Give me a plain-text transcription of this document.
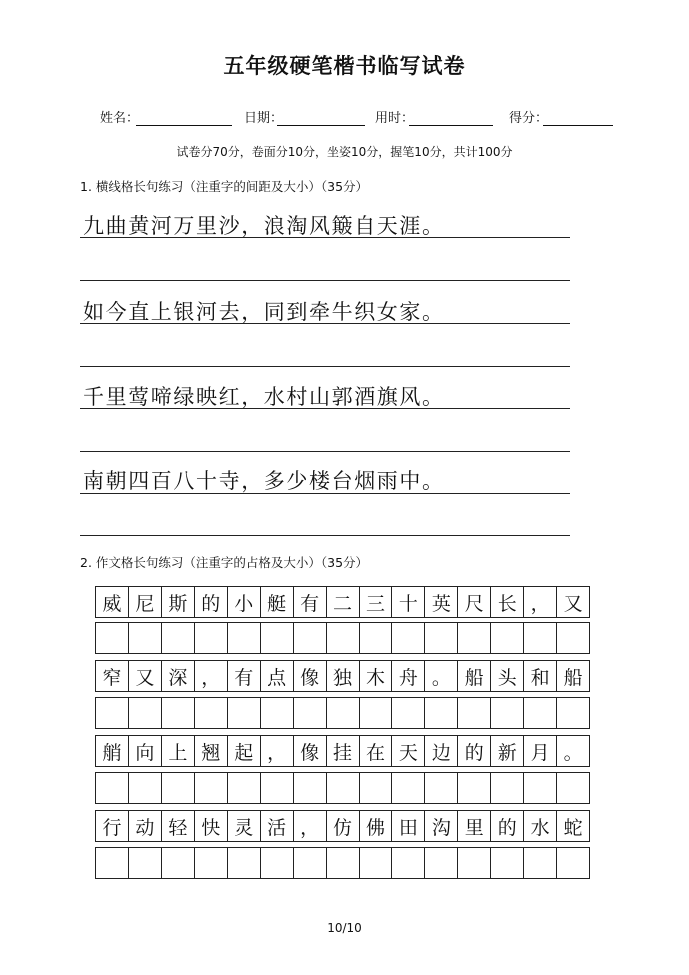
五年级硬笔楷书临写试卷
姓名：	日期：	用时：	得分：
试卷分70分，卷面分10分，坐姿10分，握笔10分，共计100分
1. 横线格长句练习（注重字的间距及大小）（35分）
九曲黄河万里沙，浪淘风簸自天涯。
如今直上银河去，同到牵牛织女家。
千里莺啼绿映红，水村山郭酒旗风。
南朝四百八十寺，多少楼台烟雨中。
2. 作文格长句练习（注重字的占格及大小）（35分）
威 尼 斯 的 小 艇 有 二 三 十 英 尺 长 ， 又
窄 又 深 ， 有 点 像 独 木 舟 。 船 头 和 船
艄 向 上 翘 起 ， 像 挂 在 天 边 的 新 月 。
行 动 轻 快 灵 活 ， 仿 佛 田 沟 里 的 水 蛇
10/10
